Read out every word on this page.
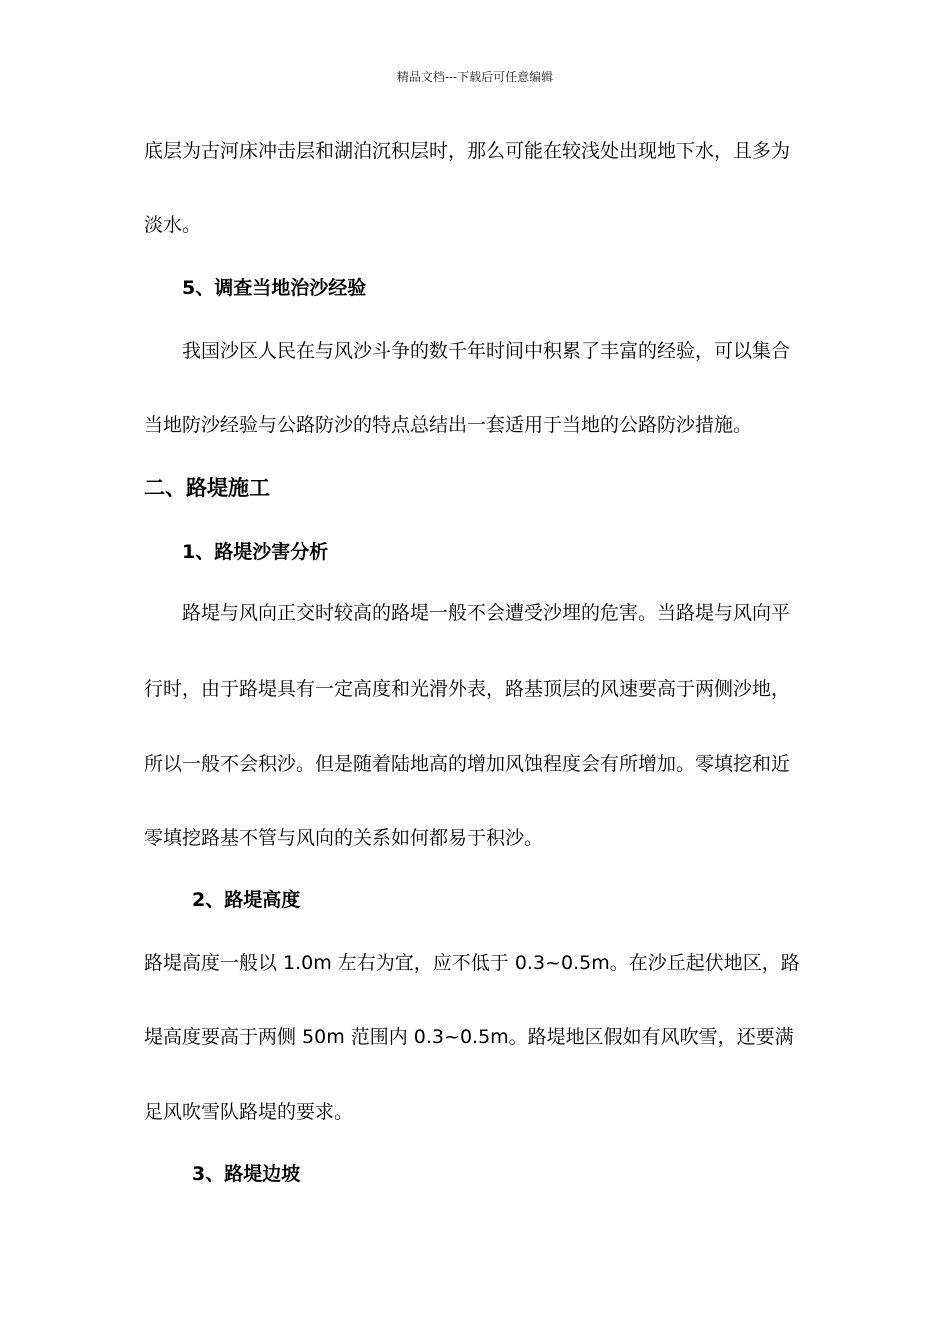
精品文档---下载后可任意编辑
底层为古河床冲击层和湖泊沉积层时，那么可能在较浅处出现地下水，且多为
淡水。
5、调查当地治沙经验
我国沙区人民在与风沙斗争的数千年时间中积累了丰富的经验，可以集合
当地防沙经验与公路防沙的特点总结出一套适用于当地的公路防沙措施。
二、路堤施工
1、路堤沙害分析
路堤与风向正交时较高的路堤一般不会遭受沙埋的危害。当路堤与风向平
行时，由于路堤具有一定高度和光滑外表，路基顶层的风速要高于两侧沙地，
所以一般不会积沙。但是随着陆地高的增加风蚀程度会有所增加。零填挖和近
零填挖路基不管与风向的关系如何都易于积沙。
2、路堤高度
路堤高度一般以 1.0m 左右为宜，应不低于 0.3~0.5m。在沙丘起伏地区，路
堤高度要高于两侧 50m 范围内 0.3~0.5m。路堤地区假如有风吹雪，还要满
足风吹雪队路堤的要求。
3、路堤边坡
